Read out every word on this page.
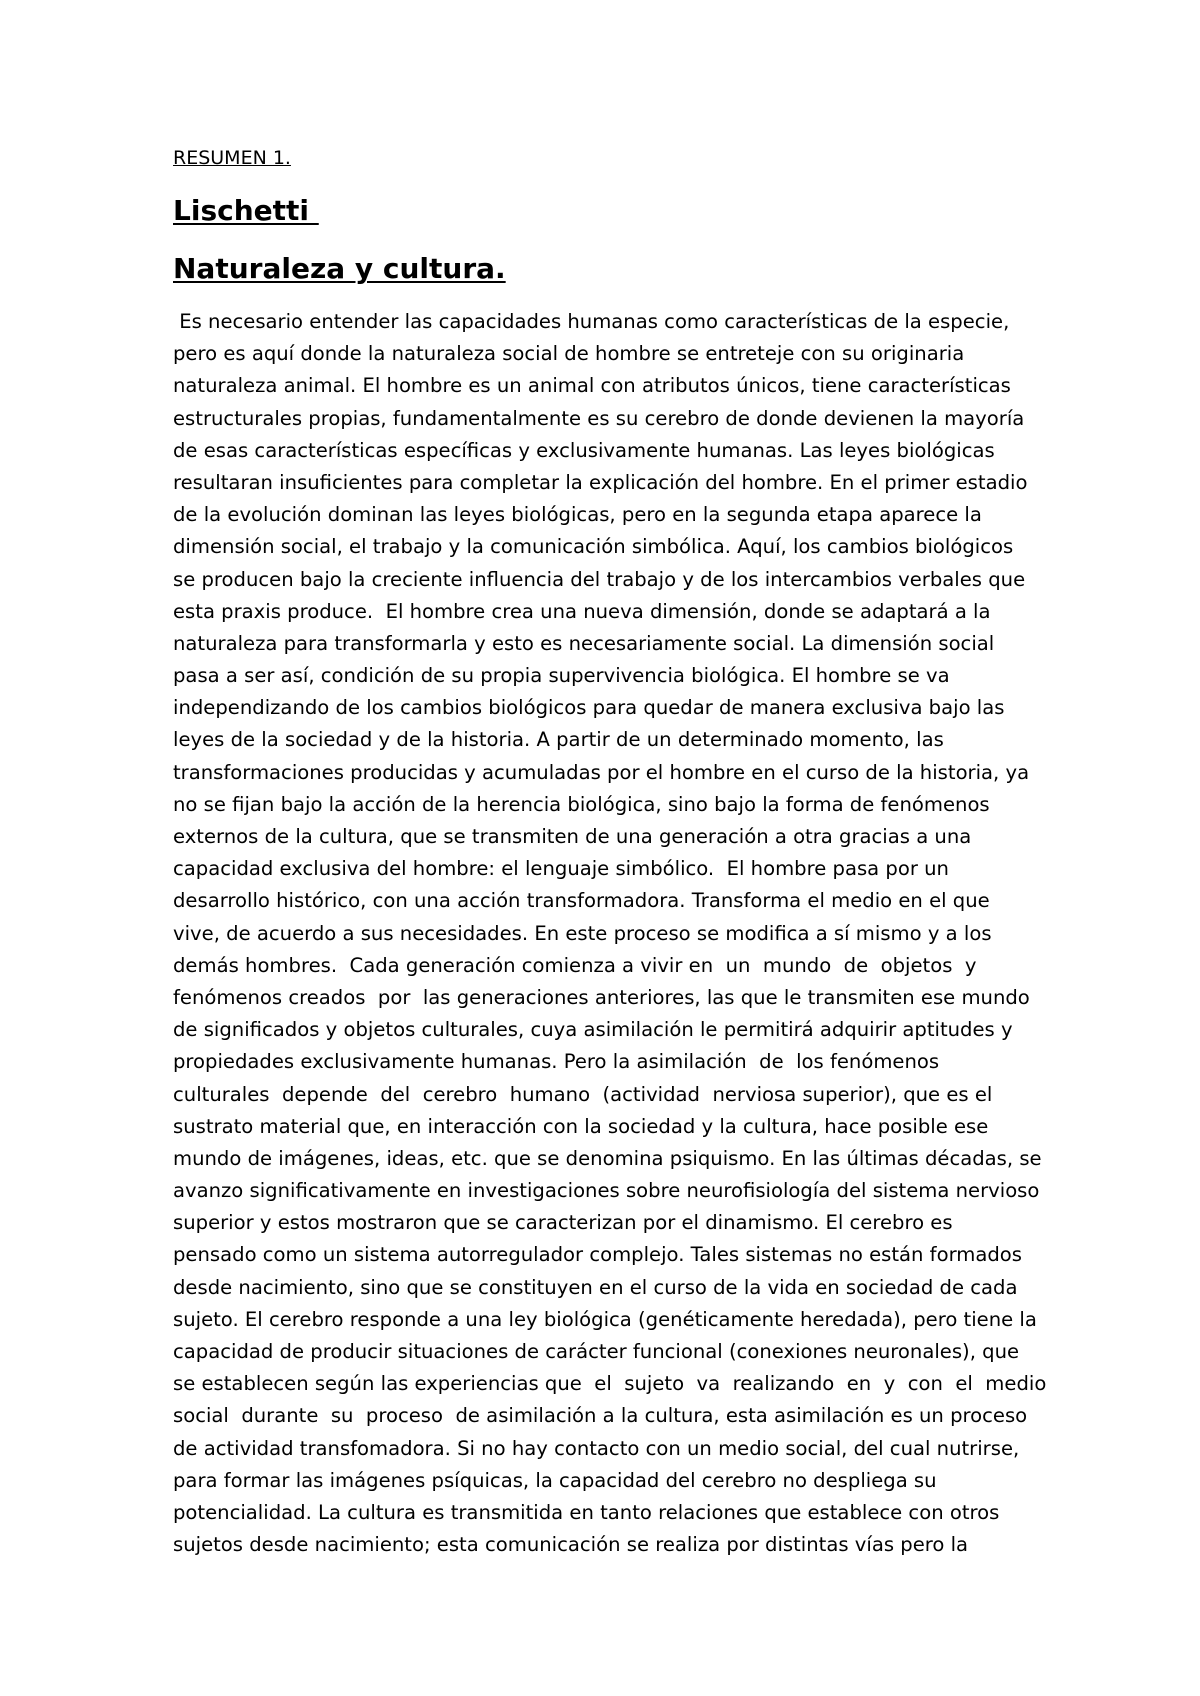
RESUMEN 1.
Lischetti
Naturaleza y cultura.
Es necesario entender las capacidades humanas como características de la especie,
pero es aquí donde la naturaleza social de hombre se entreteje con su originaria
naturaleza animal. El hombre es un animal con atributos únicos, tiene características
estructurales propias, fundamentalmente es su cerebro de donde devienen la mayoría
de esas características específicas y exclusivamente humanas. Las leyes biológicas
resultaran insuficientes para completar la explicación del hombre. En el primer estadio
de la evolución dominan las leyes biológicas, pero en la segunda etapa aparece la
dimensión social, el trabajo y la comunicación simbólica. Aquí, los cambios biológicos
se producen bajo la creciente influencia del trabajo y de los intercambios verbales que
esta praxis produce.  El hombre crea una nueva dimensión, donde se adaptará a la
naturaleza para transformarla y esto es necesariamente social. La dimensión social
pasa a ser así, condición de su propia supervivencia biológica. El hombre se va
independizando de los cambios biológicos para quedar de manera exclusiva bajo las
leyes de la sociedad y de la historia. A partir de un determinado momento, las
transformaciones producidas y acumuladas por el hombre en el curso de la historia, ya
no se fijan bajo la acción de la herencia biológica, sino bajo la forma de fenómenos
externos de la cultura, que se transmiten de una generación a otra gracias a una
capacidad exclusiva del hombre: el lenguaje simbólico.  El hombre pasa por un
desarrollo histórico, con una acción transformadora. Transforma el medio en el que
vive, de acuerdo a sus necesidades. En este proceso se modifica a sí mismo y a los
demás hombres.  Cada generación comienza a vivir en  un  mundo  de  objetos  y
fenómenos creados  por  las generaciones anteriores, las que le transmiten ese mundo
de significados y objetos culturales, cuya asimilación le permitirá adquirir aptitudes y
propiedades exclusivamente humanas. Pero la asimilación  de  los fenómenos
culturales  depende  del  cerebro  humano  (actividad  nerviosa superior), que es el
sustrato material que, en interacción con la sociedad y la cultura, hace posible ese
mundo de imágenes, ideas, etc. que se denomina psiquismo. En las últimas décadas, se
avanzo significativamente en investigaciones sobre neurofisiología del sistema nervioso
superior y estos mostraron que se caracterizan por el dinamismo. El cerebro es
pensado como un sistema autorregulador complejo. Tales sistemas no están formados
desde nacimiento, sino que se constituyen en el curso de la vida en sociedad de cada
sujeto. El cerebro responde a una ley biológica (genéticamente heredada), pero tiene la
capacidad de producir situaciones de carácter funcional (conexiones neuronales), que
se establecen según las experiencias que  el  sujeto  va  realizando  en  y  con  el  medio
social  durante  su  proceso  de asimilación a la cultura, esta asimilación es un proceso
de actividad transfomadora. Si no hay contacto con un medio social, del cual nutrirse,
para formar las imágenes psíquicas, la capacidad del cerebro no despliega su
potencialidad. La cultura es transmitida en tanto relaciones que establece con otros
sujetos desde nacimiento; esta comunicación se realiza por distintas vías pero la
